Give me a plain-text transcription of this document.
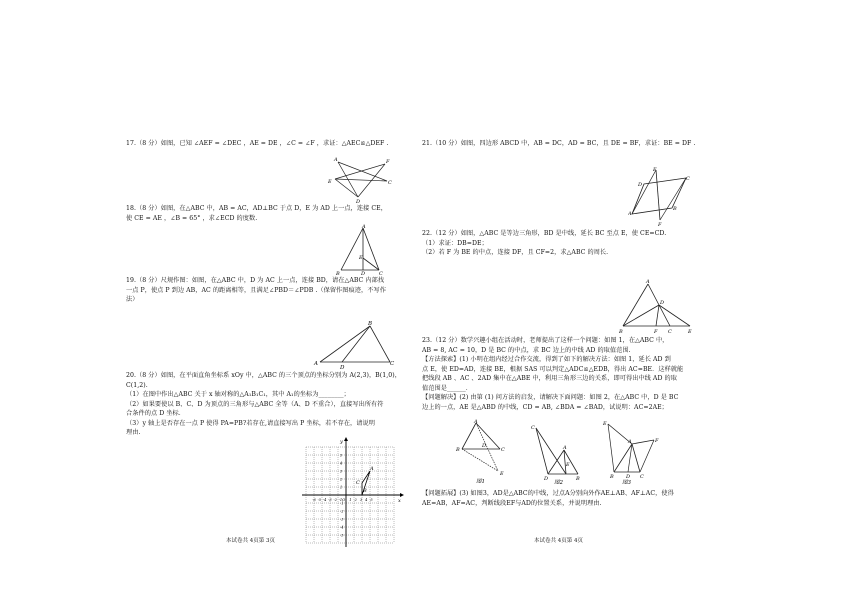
17.（8 分）如图，已知 ∠AEF = ∠DEC ，AE = DE ，∠C = ∠F ，求证：△AEC≌△DEF .
A	F
E	C
D
18.（8 分）如图，在△ABC 中，AB = AC，AD⊥BC 于点 D，E 为 AD 上一点，连接 CE，
使 CE = AE ，∠B = 65° ，求∠ECD 的度数.
A
E
B	D	C
19.（8 分）尺规作图：如图，在△ABC 中，D 为 AC 上一点，连接 BD，请在△ABC 内部找
一点 P，使点 P 到边 AB，AC 的距离相等，且满足∠PBD＝∠PDB .（保留作图痕迹，不写作
法）
A
B
C
D
20.（8 分）如图，在平面直角坐标系 xOy 中，△ABC 的三个顶点的坐标分别为 A(2,3)，B(1,0)，
C(1,2).
（1）在图中作出△ABC 关于 x 轴对称的△A₁B₁C₁，其中 A₁的坐标为________；
（2）如果要使以 B、C、D 为顶点的三角形与△ABC 全等（A、D 不重合），直接写出所有符
合条件的点 D 坐标．
（3）y 轴上是否存在一点 P 使得 PA=PB?若存在,请直接写出 P 坐标，若不存在，请说明
理由.
x
y
O
-6 -5 -4 -3 -2 -1 1 2 3 4 5
5
4
3
2
1
-1
-2
-3
-4
-5
A
B
C
本试卷共 4页第 3页
21.（10 分）如图，四边形 ABCD 中，AB = DC，AD = BC，且 DE = BF，求证：BE = DF .
E
D
C
A
B
F
22.（12 分）如图，△ABC 是等边三角形，BD 是中线，延长 BC 至点 E，使 CE=CD.
（1）求证：DB=DE；
（2）若 F 为 BE 的中点，连接 DF，且 CF=2，求△ABC 的周长.
A
D
B	F C	E
23.（12 分）数学兴趣小组在活动时，老师提出了这样一个问题：如图 1，在△ABC 中，
AB = 8, AC = 10，D 是 BC 的中点，求 BC 边上的中线 AD 的取值范围.
【方法探索】(1) 小明在组内经过合作交流，得到了如下的解决方法：如图 1，延长 AD 到
点 E，使 ED=AD，连接 BE，根据 SAS 可以判定△ADC≌△EDB，得出 AC=BE．这样就能
把线段 AB 、AC 、2AD 集中在△ABE 中，利用三角形三边的关系，即可得出中线 AD 的取
值范围是______．
【问题解决】(2) 由第 (1) 问方法的启发，请解决下面问题：如图 2，在△ABC 中，D 是 BC
边上的一点，AE 是△ABD 的中线，CD = AB, ∠BDA = ∠BAD，试说明：AC=2AE；
A
B
D
C
E
图1
C
A
E
D	B
图2
E
A	F
B D C
图3
【问题拓展】(3) 如图3，AD是△ABC的中线，过点A分别向外作AE⊥AB、AF⊥AC，使得
AE=AB，AF=AC，判断线段EF与AD的位置关系，并说明理由.
本试卷共 4页第 4页
